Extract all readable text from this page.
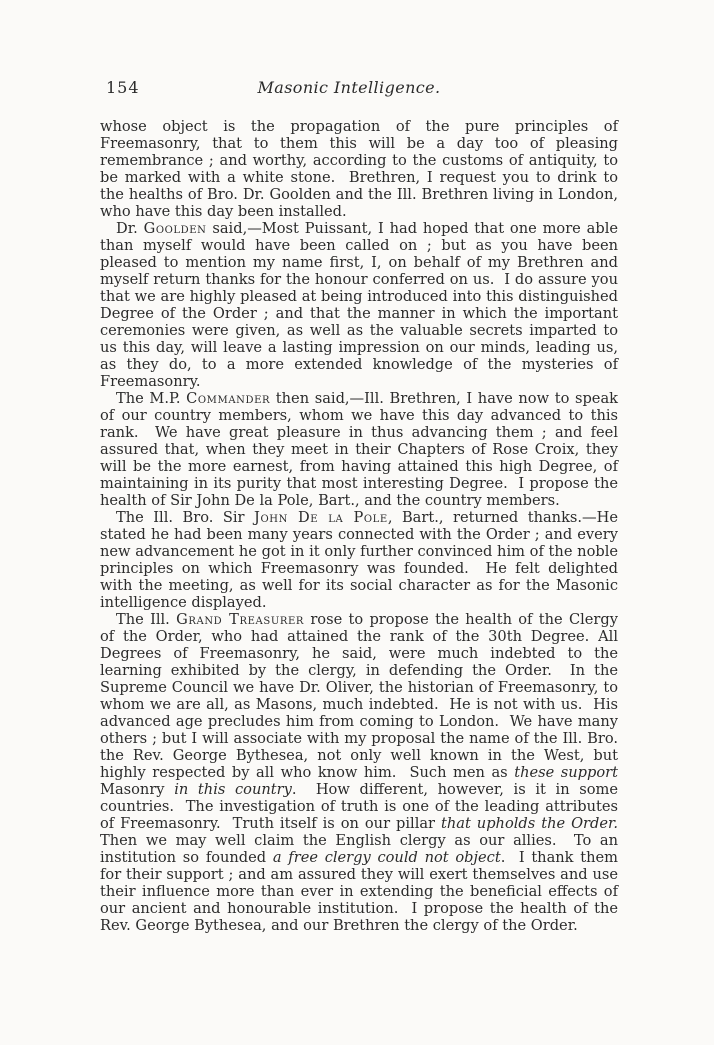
154	Masonic Intelligence.

whose object is the propagation of the pure principles of Freemasonry, that to them this will be a day too of pleasing remembrance ; and worthy, according to the customs of antiquity, to be marked with a white stone.  Brethren, I request you to drink to the healths of Bro. Dr. Goolden and the Ill. Brethren living in London, who have this day been installed.

Dr. Goolden said,—Most Puissant, I had hoped that one more able than myself would have been called on ; but as you have been pleased to mention my name first, I, on behalf of my Brethren and myself return thanks for the honour conferred on us.  I do assure you that we are highly pleased at being introduced into this distinguished Degree of the Order ; and that the manner in which the important ceremonies were given, as well as the valuable secrets imparted to us this day, will leave a lasting impression on our minds, leading us, as they do, to a more extended knowledge of the mysteries of Freemasonry.

The M.P. Commander then said,—Ill. Brethren, I have now to speak of our country members, whom we have this day advanced to this rank.  We have great pleasure in thus advancing them ; and feel assured that, when they meet in their Chapters of Rose Croix, they will be the more earnest, from having attained this high Degree, of maintaining in its purity that most interesting Degree.  I propose the health of Sir John De la Pole, Bart., and the country members.

The Ill. Bro. Sir John De la Pole, Bart., returned thanks.—He stated he had been many years connected with the Order ; and every new advancement he got in it only further convinced him of the noble principles on which Freemasonry was founded.  He felt delighted with the meeting, as well for its social character as for the Masonic intelligence displayed.

The Ill. Grand Treasurer rose to propose the health of the Clergy of the Order, who had attained the rank of the 30th Degree. All Degrees of Freemasonry, he said, were much indebted to the learning exhibited by the clergy, in defending the Order.  In the Supreme Council we have Dr. Oliver, the historian of Freemasonry, to whom we are all, as Masons, much indebted.  He is not with us.  His advanced age precludes him from coming to London.  We have many others ; but I will associate with my proposal the name of the Ill. Bro. the Rev. George Bythesea, not only well known in the West, but highly respected by all who know him.  Such men as these support Masonry in this country.  How different, however, is it in some countries.  The investigation of truth is one of the leading attributes of Freemasonry.  Truth itself is on our pillar that upholds the Order.  Then we may well claim the English clergy as our allies.  To an institution so founded a free clergy could not object.  I thank them for their support ; and am assured they will exert themselves and use their influence more than ever in extending the beneficial effects of our ancient and honourable institution.  I propose the health of the Rev. George Bythesea, and our Brethren the clergy of the Order.
